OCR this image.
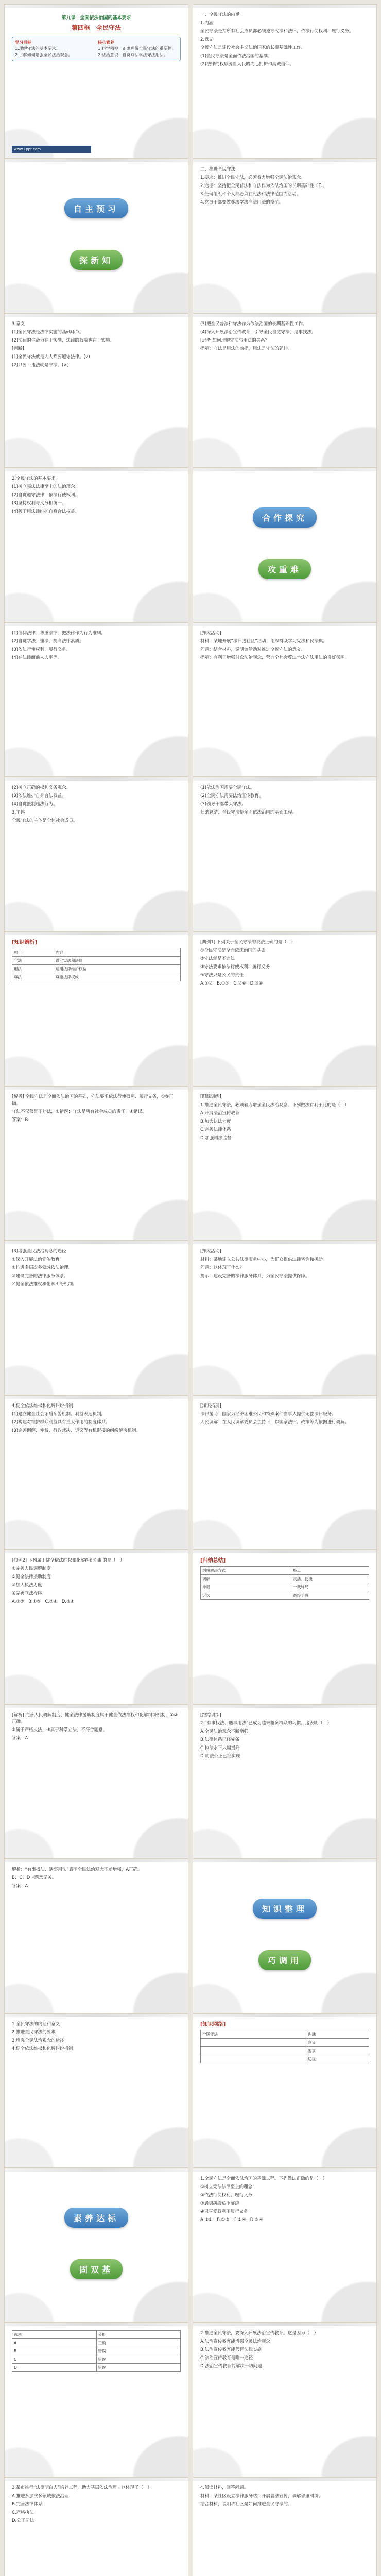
第九课　全面依法治国的基本要求
第四框　全民守法
学习目标	核心素养
1.理解守法的基本要求。	1.科学精神：正确理解全民守法的重要性。
2.了解如何增强全民法治观念。	2.法治意识：自觉尊法学法守法用法。
www.1ppt.com

一、全民守法的内涵

1.内涵

全民守法是指所有社会成员都必须遵守宪法和法律，依法行使权利、履行义务。

2.意义

全民守法是建设社会主义法治国家的长期基础性工作。

(1)全民守法是全面依法治国的基础。

(2)法律的权威源自人民的内心拥护和真诚信仰。

自主预习
探新知

二、推进全民守法

1.要求：推进全民守法，必须着力增强全民法治观念。

2.途径：坚持把全民普法和守法作为依法治国的长期基础性工作。

3.任何组织和个人都必须在宪法和法律范围内活动。

4.党员干部要做尊法学法守法用法的模范。

3.意义

(1)全民守法是法律实施的基础环节。

(2)法律的生命力在于实施，法律的权威也在于实施。

[判断]

(1)全民守法就是人人都要遵守法律。(√)

(2)只要不违法就是守法。(×)

(3)把全民普法和守法作为依法治国的长期基础性工作。

(4)深入开展法治宣传教育，引导全民自觉守法、遇事找法。

[思考]如何理解守法与用法的关系？

提示：守法是用法的前提，用法是守法的延伸。

2.全民守法的基本要求

(1)树立宪法法律至上的法治理念。

(2)自觉遵守法律，依法行使权利。

(3)坚持权利与义务相统一。

(4)善于用法律维护自身合法权益。

合作探究
攻重难

(1)信仰法律、尊重法律，把法律作为行为准则。

(2)自觉学法、懂法，提高法律素质。

(3)依法行使权利、履行义务。

(4)在法律面前人人平等。

[探究活动]

材料：某地开展“法律进社区”活动，组织群众学习宪法和民法典。

问题：结合材料，说明该活动对推进全民守法的意义。

提示：有利于增强群众法治观念，营造全社会尊法学法守法用法的良好氛围。

(2)树立正确的权利义务观念。

(3)依法维护自身合法权益。

(4)自觉抵制违法行为。

3.主体

全民守法的主体是全体社会成员。

(1)依法治国需要全民守法。

(2)全民守法需要法治宣传教育。

(3)领导干部带头守法。

归纳总结：全民守法是全面依法治国的基础工程。

[知识辨析]
项目	内容
守法	遵守宪法和法律
用法	运用法律维护权益
尊法	尊重法律权威

[典例1] 下列关于全民守法的说法正确的是（　）

①全民守法是全面依法治国的基础

②守法就是不违法

③守法要求依法行使权利、履行义务

④守法只是公民的责任

A.①②　B.①③　C.②④　D.③④

[解析] 全民守法是全面依法治国的基础，守法要求依法行使权利、履行义务，①③正确。

守法不仅仅是不违法，②错误；守法是所有社会成员的责任，④错误。

答案：B

[跟踪训练]

1.推进全民守法，必须着力增强全民法治观念。下列做法有利于此的是（　）

A.开展法治宣传教育

B.加大执法力度

C.完善法律体系

D.加强司法监督

(3)增强全民法治观念的途径

①深入开展法治宣传教育。

②推进多层次多领域依法治理。

③建设完备的法律服务体系。

④健全依法维权和化解纠纷机制。

[探究活动]

材料：某地建立公共法律服务中心，为群众提供法律咨询和援助。

问题：这体现了什么？

提示：建设完备的法律服务体系，为全民守法提供保障。

4.健全依法维权和化解纠纷机制

(1)建立健全社会矛盾预警机制、利益表达机制。

(2)构建对维护群众利益具有重大作用的制度体系。

(3)完善调解、仲裁、行政裁决、诉讼等有机衔接的纠纷解决机制。

[知识拓展]

法律援助：国家为经济困难公民和特殊案件当事人提供无偿法律服务。

人民调解：在人民调解委员会主持下，以国家法律、政策等为依据进行调解。

[典例2] 下列属于健全依法维权和化解纠纷机制的是（　）

①完善人民调解制度

②健全法律援助制度

③加大执法力度

④完善立法程序

A.①②　B.①③　C.②④　D.③④

[归纳总结]
纠纷解决方式	特点
调解	灵活、便捷
仲裁	一裁终局
诉讼	最终手段

[解析] 完善人民调解制度、健全法律援助制度属于健全依法维权和化解纠纷机制，①②正确。

③属于严格执法，④属于科学立法，不符合题意。

答案：A

[跟踪训练]

2.“有事找法、遇事用法”已成为越来越多群众的习惯。这表明（　）

A.全民法治观念不断增强

B.法律体系已经完备

C.执法水平大幅提升

D.司法公正已经实现

解析：“有事找法、遇事用法”表明全民法治观念不断增强，A正确。

B、C、D与题意无关。

答案：A

知识整理
巧调用

1.全民守法的内涵和意义

2.推进全民守法的要求

3.增强全民法治观念的途径

4.健全依法维权和化解纠纷机制

[知识网络]
全民守法	内涵
	意义
	要求
	途径
素养达标
固双基

1.全民守法是全面依法治国的基础工程。下列做法正确的是（　）

①树立宪法法律至上的理念

②依法行使权利、履行义务

③遇到纠纷私下解决

④只享受权利不履行义务

A.①②　B.①③　C.②④　D.③④

选项	分析
A	正确
B	错误
C	错误
D	错误

2.推进全民守法，要深入开展法治宣传教育。这是因为（　）

A.法治宣传教育能增强全民法治观念

B.法治宣传教育能代替法律实施

C.法治宣传教育是唯一途径

D.法治宣传教育能解决一切问题

3.某市推行“法律明白人”培养工程，助力基层依法治理。这体现了（　）

A.推进多层次多领域依法治理

B.完善法律体系

C.严格执法

D.公正司法

4.阅读材料，回答问题。

材料：某社区设立法律服务站，开展普法宣传，调解邻里纠纷。

结合材料，说明该社区是如何推进全民守法的。
